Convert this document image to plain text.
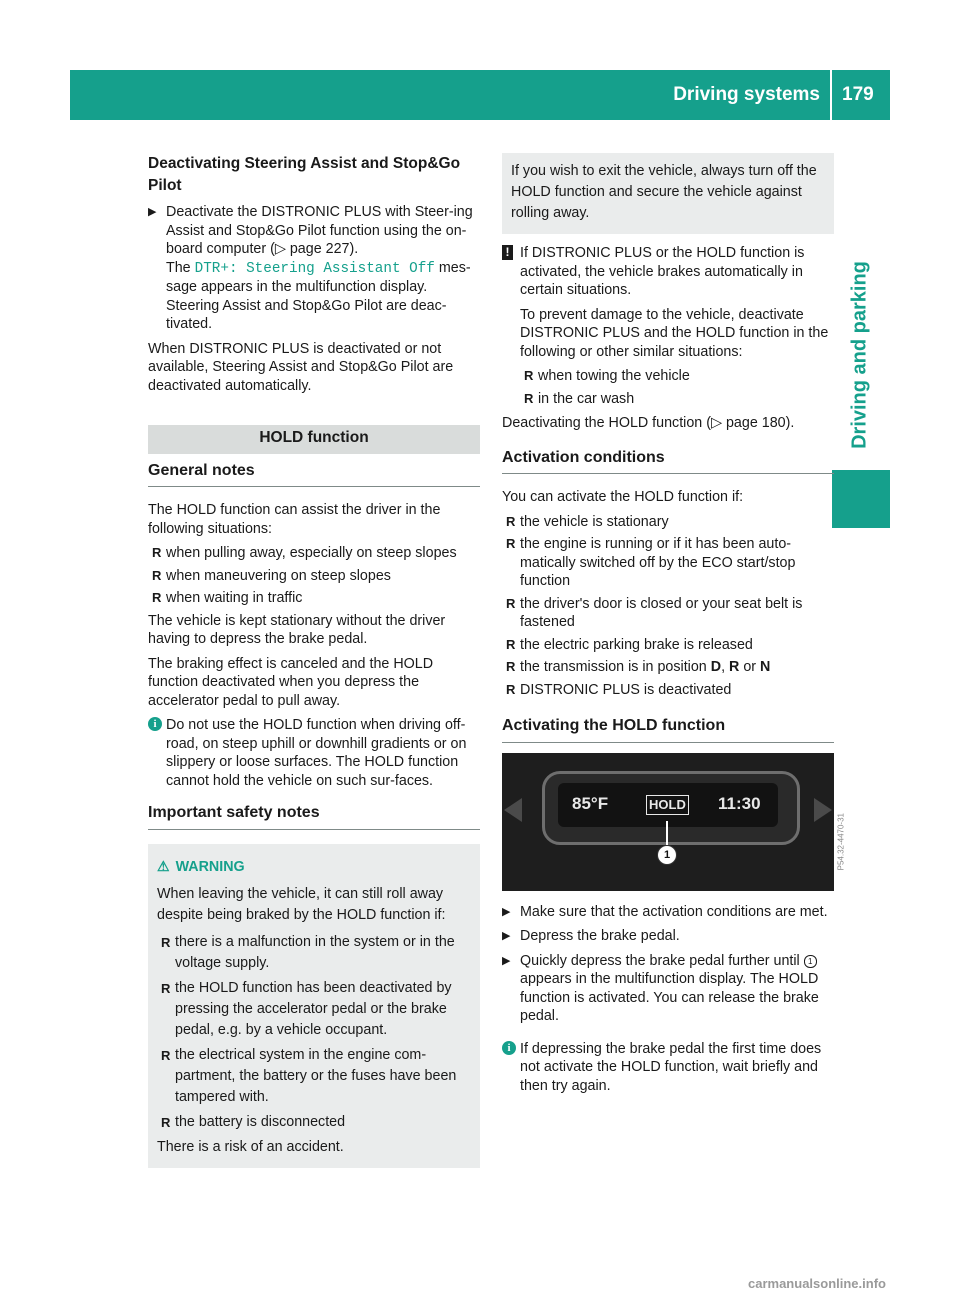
Driving systems 179
Driving and parking
Deactivating Steering Assist and Stop&Go Pilot
▶ Deactivate the DISTRONIC PLUS with Steer-ing Assist and Stop&Go Pilot function using the on-board computer (▷ page 227).
The DTR+: Steering Assistant Off mes-sage appears in the multifunction display. Steering Assist and Stop&Go Pilot are deac-tivated.

When DISTRONIC PLUS is deactivated or not available, Steering Assist and Stop&Go Pilot are deactivated automatically.

HOLD function
General notes

The HOLD function can assist the driver in the following situations:

R when pulling away, especially on steep slopes
R when maneuvering on steep slopes
R when waiting in traffic

The vehicle is kept stationary without the driver having to depress the brake pedal.

The braking effect is canceled and the HOLD function deactivated when you depress the accelerator pedal to pull away.

i Do not use the HOLD function when driving off-road, on steep uphill or downhill gradients or on slippery or loose surfaces. The HOLD function cannot hold the vehicle on such sur-faces.
Important safety notes
⚠ WARNING

When leaving the vehicle, it can still roll away despite being braked by the HOLD function if:

R there is a malfunction in the system or in the voltage supply.
R the HOLD function has been deactivated by pressing the accelerator pedal or the brake pedal, e.g. by a vehicle occupant.
R the electrical system in the engine com-partment, the battery or the fuses have been tampered with.
R the battery is disconnected

There is a risk of an accident.

If you wish to exit the vehicle, always turn off the HOLD function and secure the vehicle against rolling away.
! If DISTRONIC PLUS or the HOLD function is activated, the vehicle brakes automatically in certain situations.

To prevent damage to the vehicle, deactivate DISTRONIC PLUS and the HOLD function in the following or other similar situations:

R when towing the vehicle
R in the car wash

Deactivating the HOLD function (▷ page 180).

Activation conditions

You can activate the HOLD function if:

R the vehicle is stationary
R the engine is running or if it has been auto-matically switched off by the ECO start/stop function
R the driver's door is closed or your seat belt is fastened
R the electric parking brake is released
R the transmission is in position D, R or N
R DISTRONIC PLUS is deactivated
Activating the HOLD function
85°F	HOLD 11:30
1	P54.32-4470-31
▶ Make sure that the activation conditions are met.
▶ Depress the brake pedal.
▶ Quickly depress the brake pedal further until 1 appears in the multifunction display. The HOLD function is activated. You can release the brake pedal.
i If depressing the brake pedal the first time does not activate the HOLD function, wait briefly and then try again.
carmanualsonline.info
